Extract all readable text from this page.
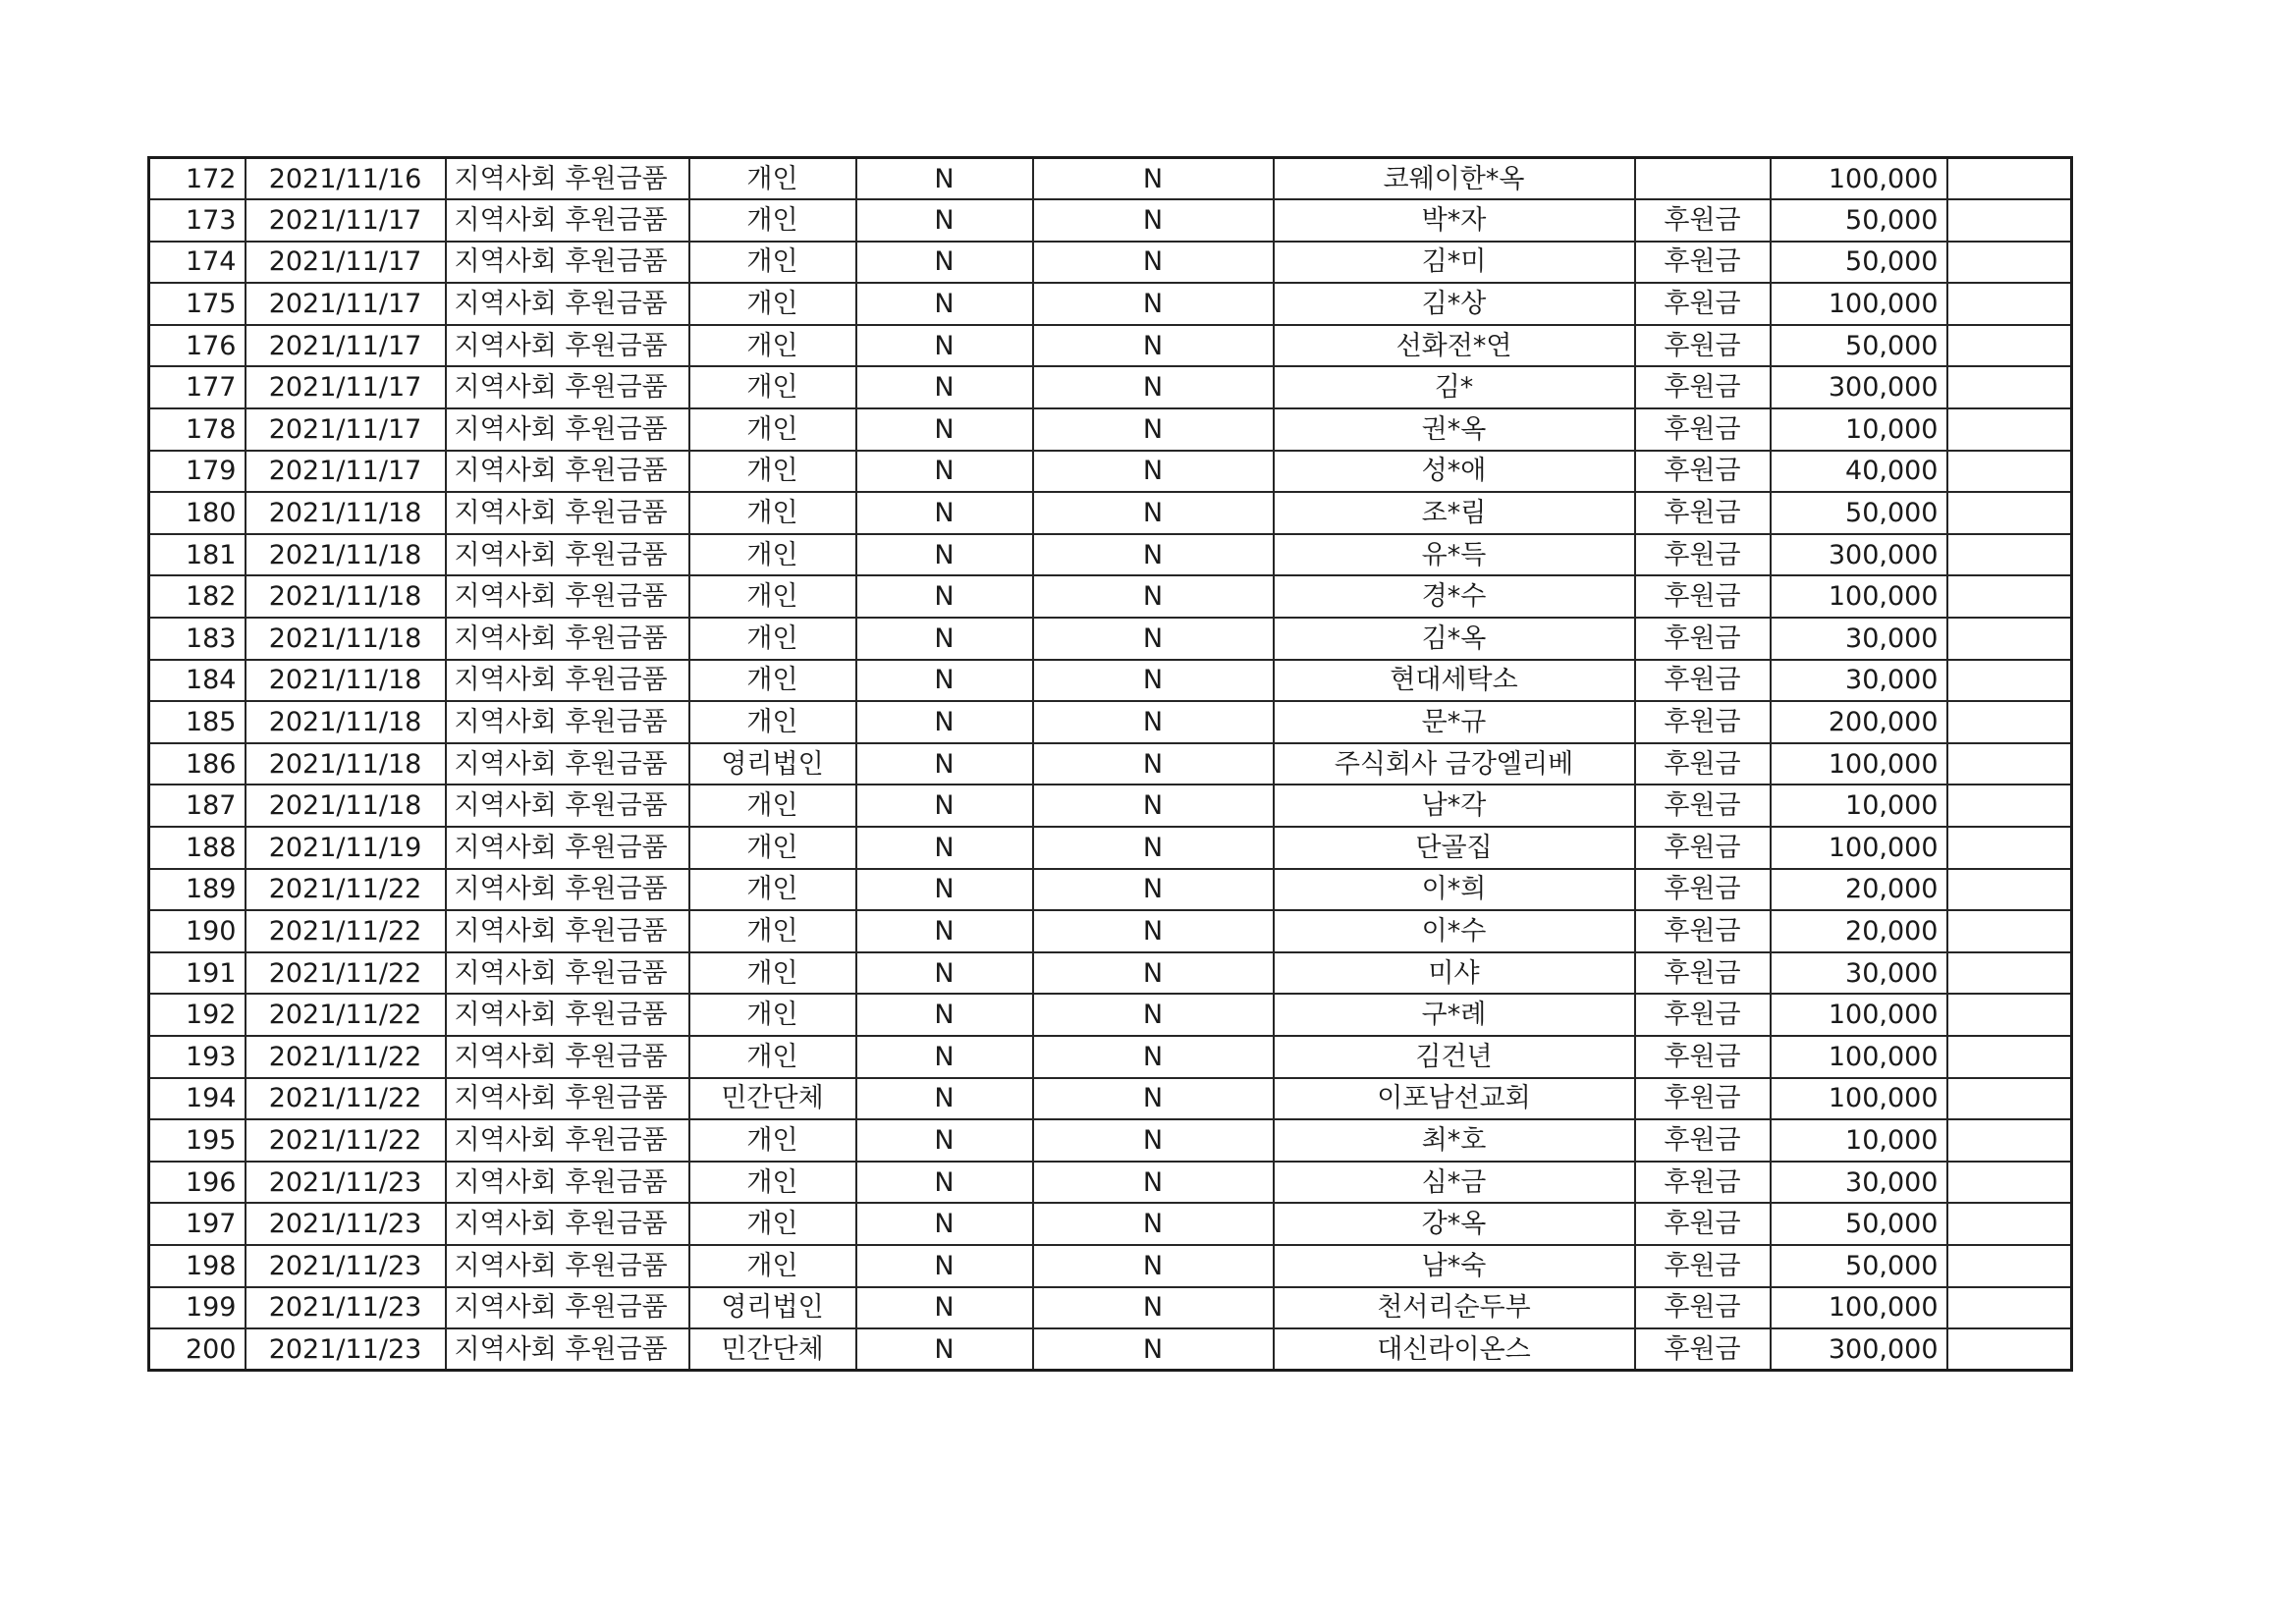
172	2021/11/16	지역사회 후원금품	개인	N	N	코웨이한*옥		100,000	
173	2021/11/17	지역사회 후원금품	개인	N	N	박*자	후원금	50,000	
174	2021/11/17	지역사회 후원금품	개인	N	N	김*미	후원금	50,000	
175	2021/11/17	지역사회 후원금품	개인	N	N	김*상	후원금	100,000	
176	2021/11/17	지역사회 후원금품	개인	N	N	선화전*연	후원금	50,000	
177	2021/11/17	지역사회 후원금품	개인	N	N	김*	후원금	300,000	
178	2021/11/17	지역사회 후원금품	개인	N	N	권*옥	후원금	10,000	
179	2021/11/17	지역사회 후원금품	개인	N	N	성*애	후원금	40,000	
180	2021/11/18	지역사회 후원금품	개인	N	N	조*림	후원금	50,000	
181	2021/11/18	지역사회 후원금품	개인	N	N	유*득	후원금	300,000	
182	2021/11/18	지역사회 후원금품	개인	N	N	경*수	후원금	100,000	
183	2021/11/18	지역사회 후원금품	개인	N	N	김*옥	후원금	30,000	
184	2021/11/18	지역사회 후원금품	개인	N	N	현대세탁소	후원금	30,000	
185	2021/11/18	지역사회 후원금품	개인	N	N	문*규	후원금	200,000	
186	2021/11/18	지역사회 후원금품	영리법인	N	N	주식회사 금강엘리베	후원금	100,000	
187	2021/11/18	지역사회 후원금품	개인	N	N	남*각	후원금	10,000	
188	2021/11/19	지역사회 후원금품	개인	N	N	단골집	후원금	100,000	
189	2021/11/22	지역사회 후원금품	개인	N	N	이*희	후원금	20,000	
190	2021/11/22	지역사회 후원금품	개인	N	N	이*수	후원금	20,000	
191	2021/11/22	지역사회 후원금품	개인	N	N	미샤	후원금	30,000	
192	2021/11/22	지역사회 후원금품	개인	N	N	구*례	후원금	100,000	
193	2021/11/22	지역사회 후원금품	개인	N	N	김건년	후원금	100,000	
194	2021/11/22	지역사회 후원금품	민간단체	N	N	이포남선교회	후원금	100,000	
195	2021/11/22	지역사회 후원금품	개인	N	N	최*호	후원금	10,000	
196	2021/11/23	지역사회 후원금품	개인	N	N	심*금	후원금	30,000	
197	2021/11/23	지역사회 후원금품	개인	N	N	강*옥	후원금	50,000	
198	2021/11/23	지역사회 후원금품	개인	N	N	남*숙	후원금	50,000	
199	2021/11/23	지역사회 후원금품	영리법인	N	N	천서리순두부	후원금	100,000	
200	2021/11/23	지역사회 후원금품	민간단체	N	N	대신라이온스	후원금	300,000	
